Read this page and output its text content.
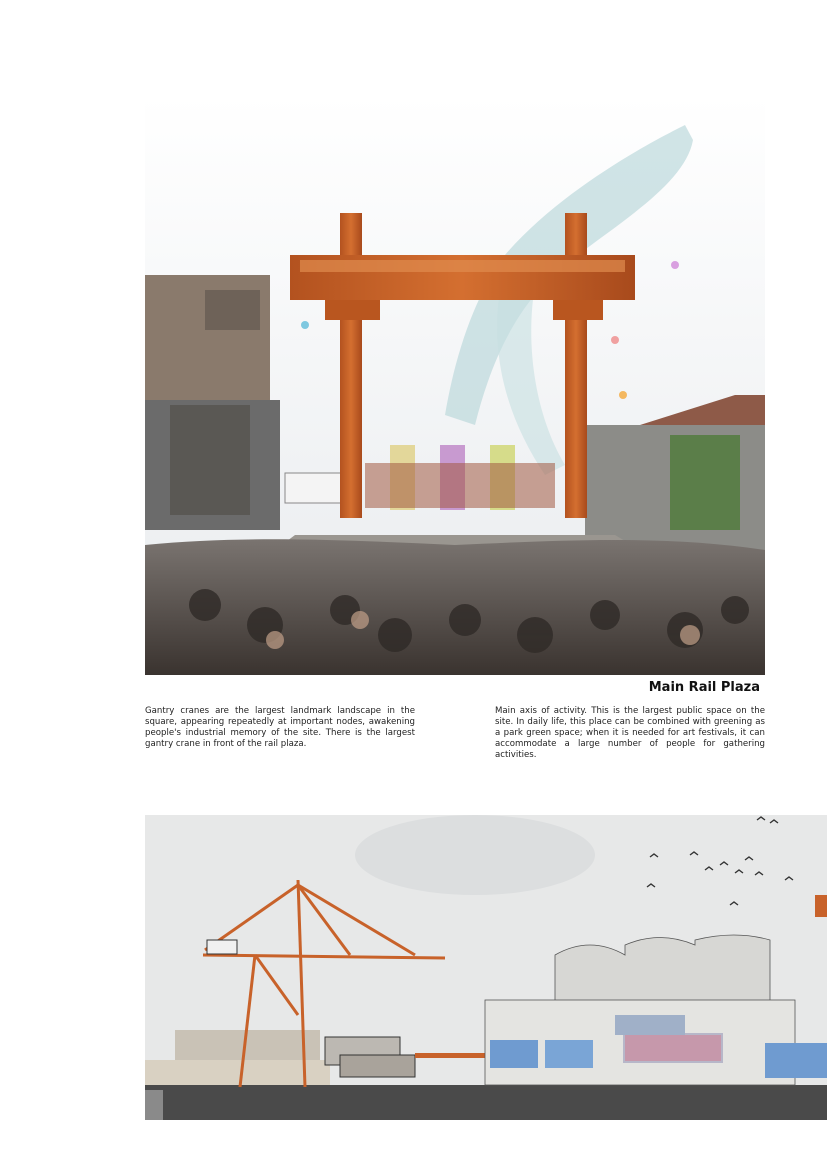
Main Rail Plaza
Gantry cranes are the largest landmark landscape in the square, appearing repeatedly at important nodes, awakening people's industrial memory of the site. There is the largest gantry crane in front of the rail plaza.
Main axis of activity. This is the largest public space on the site. In daily life, this place can be combined with greening as a park green space; when it is needed for art festivals, it can accommodate a large number of people for gathering activities.
